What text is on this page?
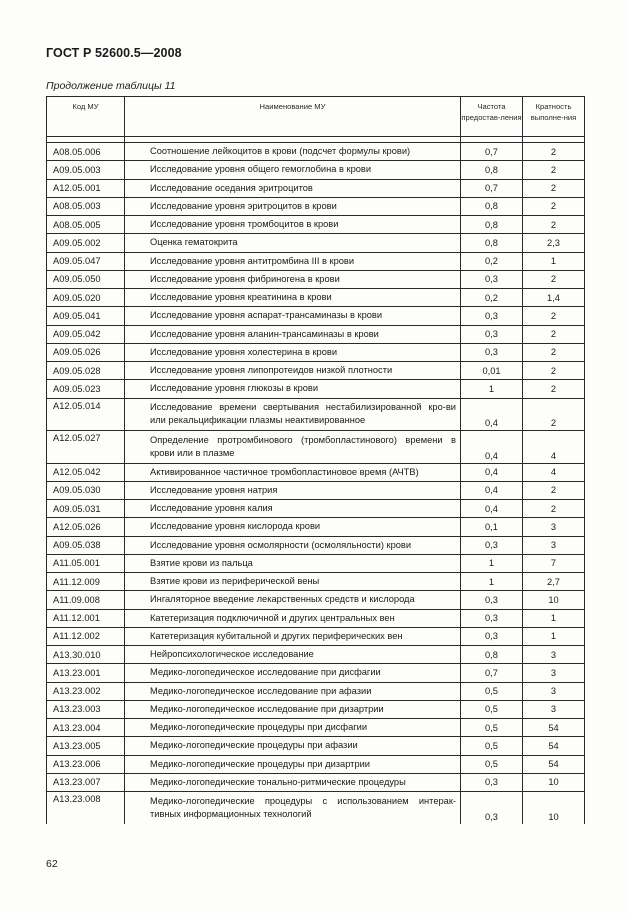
ГОСТ Р 52600.5—2008
Продолжение таблицы 11
Код МУ	Наименование МУ	Частота предостав-ления	Кратность выполне-ния

A08.05.006	Соотношение лейкоцитов в крови (подсчет формулы крови)	0,7	2
A09.05.003	Исследование уровня общего гемоглобина в крови	0,8	2
A12.05.001	Исследование оседания эритроцитов	0,7	2
A08.05.003	Исследование уровня эритроцитов в крови	0,8	2
A08.05.005	Исследование уровня тромбоцитов в крови	0,8	2
A09.05.002	Оценка гематокрита	0,8	2,3
A09.05.047	Исследование уровня антитромбина III в крови	0,2	1
A09.05.050	Исследование уровня фибриногена в крови	0,3	2
A09.05.020	Исследование уровня креатинина в крови	0,2	1,4
A09.05.041	Исследование уровня аспарат-трансаминазы в крови	0,3	2
A09.05.042	Исследование уровня аланин-трансаминазы в крови	0,3	2
A09.05.026	Исследование уровня холестерина в крови	0,3	2
A09.05.028	Исследование уровня липопротеидов низкой плотности	0,01	2
A09.05.023	Исследование уровня глюкозы в крови	1	2
A12.05.014	Исследование времени свертывания нестабилизированной кро-ви или рекальцификации плазмы неактивированное	0,4	2
A12.05.027	Определение протромбинового (тромбопластинового) времени в крови или в плазме	0,4	4
A12.05.042	Активированное частичное тромбопластиновое время (АЧТВ)	0,4	4
A09.05.030	Исследование уровня натрия	0,4	2
A09.05.031	Исследование уровня калия	0,4	2
A12.05.026	Исследование уровня кислорода крови	0,1	3
A09.05.038	Исследование уровня осмолярности (осмоляльности) крови	0,3	3
A11.05.001	Взятие крови из пальца	1	7
A11.12.009	Взятие крови из периферической вены	1	2,7
A11.09.008	Ингаляторное введение лекарственных средств и кислорода	0,3	10
A11.12.001	Катетеризация подключичной и других центральных вен	0,3	1
A11.12.002	Катетеризация кубитальной и других периферических вен	0,3	1
A13.30.010	Нейропсихологическое исследование	0,8	3
A13.23.001	Медико-логопедическое исследование при дисфагии	0,7	3
A13.23.002	Медико-логопедическое исследование при афазии	0,5	3
A13.23.003	Медико-логопедическое исследование при дизартрии	0,5	3
A13.23.004	Медико-логопедические процедуры при дисфагии	0,5	54
A13.23.005	Медико-логопедические процедуры при афазии	0,5	54
A13.23.006	Медико-логопедические процедуры при дизартрии	0,5	54
A13.23.007	Медико-логопедические тонально-ритмические процедуры	0,3	10
A13.23.008	Медико-логопедические процедуры с использованием интерак-тивных информационных технологий	0,3	10
62
